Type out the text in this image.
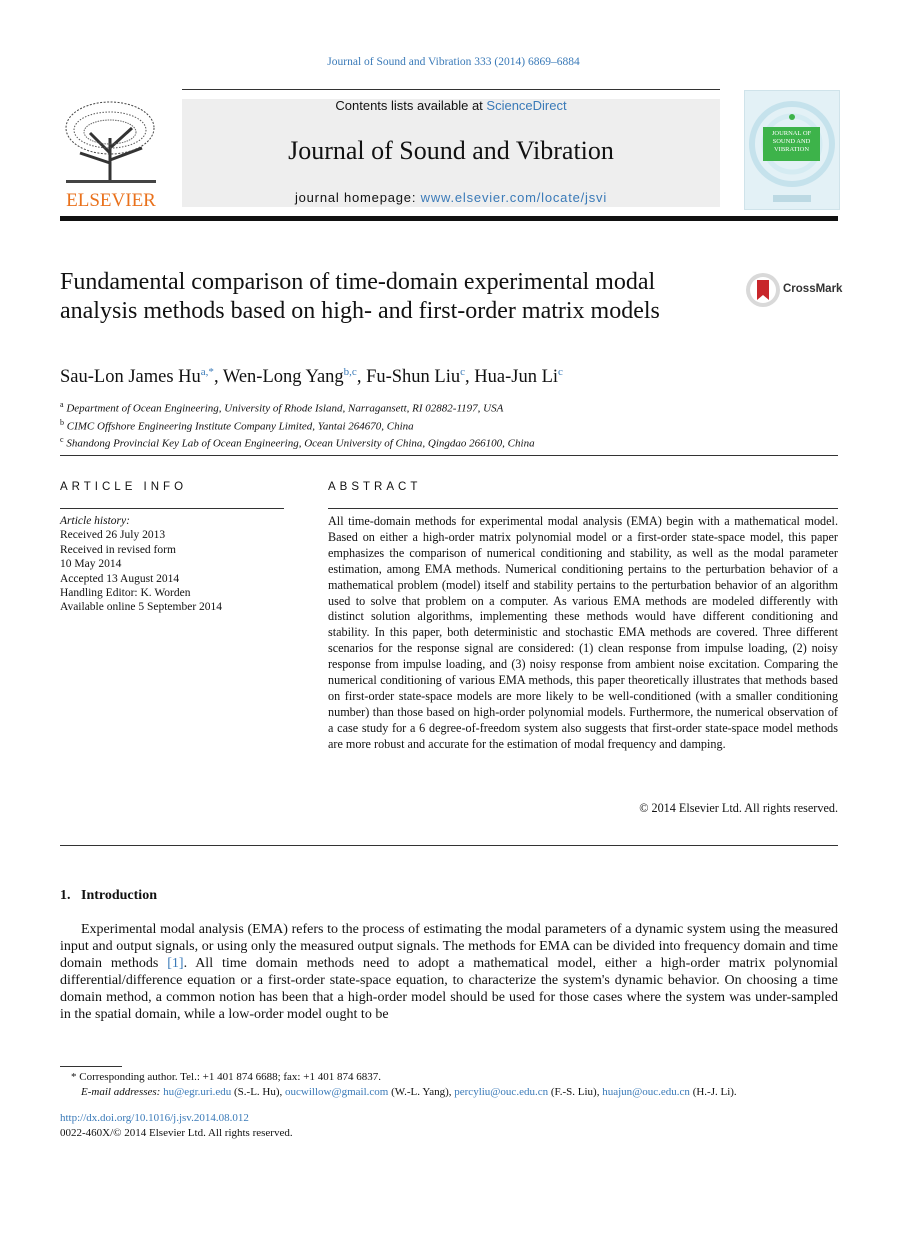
Journal of Sound and Vibration 333 (2014) 6869–6884
ELSEVIER
Contents lists available at ScienceDirect
Journal of Sound and Vibration
journal homepage: www.elsevier.com/locate/jsvi
JOURNAL OF SOUND AND VIBRATION
Fundamental comparison of time-domain experimental modal analysis methods based on high- and first-order matrix models
CrossMark
Sau-Lon James $Hu^{a,*}$, Wen-Long Yang$^{b,c}$, Fu-Shun Liu$^c$, Hua-Jun Li$^c$
$^a$ Department of Ocean Engineering, University of Rhode Island, Narragansett, RI 02882-1197, USA
$^b$ CIMC Offshore Engineering Institute Company Limited, Yantai 264670, China
$^c$ Shandong Provincial Key Lab of Ocean Engineering, Ocean University of China, Qingdao 266100, China
ARTICLE INFO
Article history:
Received 26 July 2013
Received in revised form
10 May 2014
Accepted 13 August 2014
Handling Editor: K. Worden
Available online 5 September 2014
ABSTRACT
All time-domain methods for experimental modal analysis (EMA) begin with a mathematical model. Based on either a high-order matrix polynomial model or a first-order state-space model, this paper emphasizes the comparison of numerical conditioning and stability, as well as the modal parameter estimation, among EMA methods. Numerical conditioning pertains to the perturbation behavior of a mathematical problem (model) itself and stability pertains to the perturbation behavior of an algorithm used to solve that problem on a computer. As various EMA methods are modeled differently with distinct solution algorithms, implementing these methods would have different conditioning and stability. In this paper, both deterministic and stochastic EMA methods are covered. Three different scenarios for the response signal are considered: (1) clean response from impulse loading, (2) noisy response from impulse loading, and (3) noisy response from ambient noise excitation. Comparing the numerical conditioning of various EMA methods, this paper theoretically illustrates that methods based on first-order state-space models are more likely to be well-conditioned (with a smaller conditioning number) than those based on high-order polynomial models. Furthermore, the numerical observation of a case study for a 6 degree-of-freedom system also suggests that first-order state-space model methods are more robust and accurate for the estimation of modal frequency and damping.
© 2014 Elsevier Ltd. All rights reserved.
1.   Introduction
Experimental modal analysis (EMA) refers to the process of estimating the modal parameters of a dynamic system using the measured input and output signals, or using only the measured output signals. The methods for EMA can be divided into frequency domain and time domain methods [1]. All time domain methods need to adopt a mathematical model, either a high-order matrix polynomial differential/difference equation or a first-order state-space equation, to characterize the system's dynamic behavior. On choosing a time domain method, a common notion has been that a high-order model should be used for those cases where the system was under-sampled in the spatial domain, while a low-order model ought to be
* Corresponding author. Tel.: +1 401 874 6688; fax: +1 401 874 6837.
E-mail addresses: hu@egr.uri.edu (S.-L. Hu), oucwillow@gmail.com (W.-L. Yang), percyliu@ouc.edu.cn (F.-S. Liu), huajun@ouc.edu.cn (H.-J. Li).
http://dx.doi.org/10.1016/j.jsv.2014.08.012
0022-460X/© 2014 Elsevier Ltd. All rights reserved.
